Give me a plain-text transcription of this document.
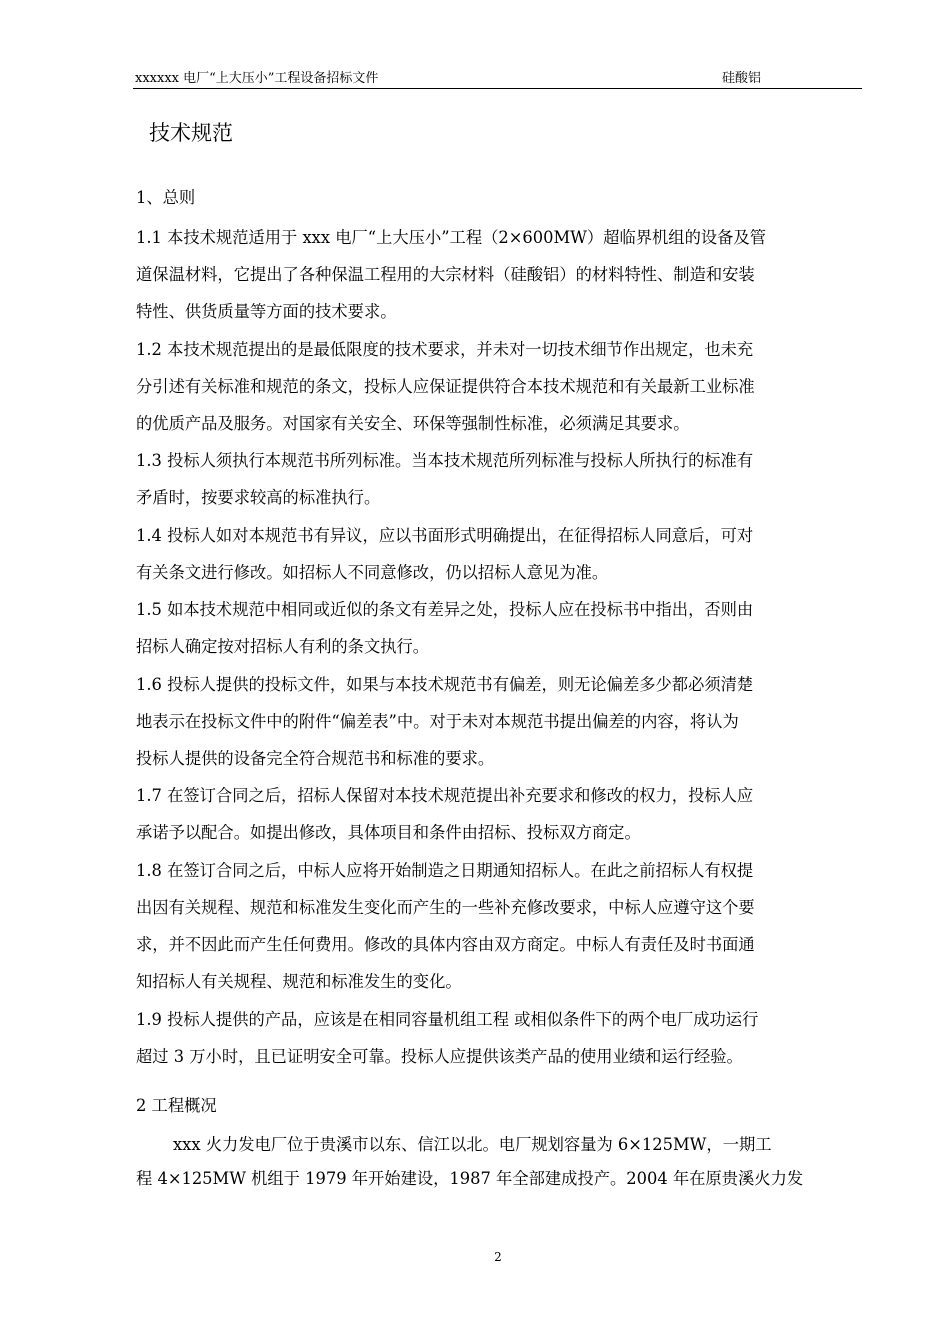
xxxxxx 电厂“上大压小”工程设备招标文件	硅酸铝
技术规范
1、总则
1.1 本技术规范适用于 xxx 电厂“上大压小”工程（2×600MW）超临界机组的设备及管
道保温材料，它提出了各种保温工程用的大宗材料（硅酸铝）的材料特性、制造和安装
特性、供货质量等方面的技术要求。
1.2 本技术规范提出的是最低限度的技术要求，并未对一切技术细节作出规定，也未充
分引述有关标准和规范的条文，投标人应保证提供符合本技术规范和有关最新工业标准
的优质产品及服务。对国家有关安全、环保等强制性标准，必须满足其要求。
1.3 投标人须执行本规范书所列标准。当本技术规范所列标准与投标人所执行的标准有
矛盾时，按要求较高的标准执行。
1.4 投标人如对本规范书有异议，应以书面形式明确提出，在征得招标人同意后，可对
有关条文进行修改。如招标人不同意修改，仍以招标人意见为准。
1.5 如本技术规范中相同或近似的条文有差异之处，投标人应在投标书中指出，否则由
招标人确定按对招标人有利的条文执行。
1.6 投标人提供的投标文件，如果与本技术规范书有偏差，则无论偏差多少都必须清楚
地表示在投标文件中的附件“偏差表”中。对于未对本规范书提出偏差的内容，将认为
投标人提供的设备完全符合规范书和标准的要求。
1.7 在签订合同之后，招标人保留对本技术规范提出补充要求和修改的权力，投标人应
承诺予以配合。如提出修改，具体项目和条件由招标、投标双方商定。
1.8 在签订合同之后，中标人应将开始制造之日期通知招标人。在此之前招标人有权提
出因有关规程、规范和标准发生变化而产生的一些补充修改要求，中标人应遵守这个要
求，并不因此而产生任何费用。修改的具体内容由双方商定。中标人有责任及时书面通
知招标人有关规程、规范和标准发生的变化。
1.9 投标人提供的产品，应该是在相同容量机组工程 或相似条件下的两个电厂成功运行
超过 3 万小时，且已证明安全可靠。投标人应提供该类产品的使用业绩和运行经验。
2 工程概况
xxx 火力发电厂位于贵溪市以东、信江以北。电厂规划容量为 6×125MW，一期工
程 4×125MW 机组于 1979 年开始建设，1987 年全部建成投产。2004 年在原贵溪火力发
2
